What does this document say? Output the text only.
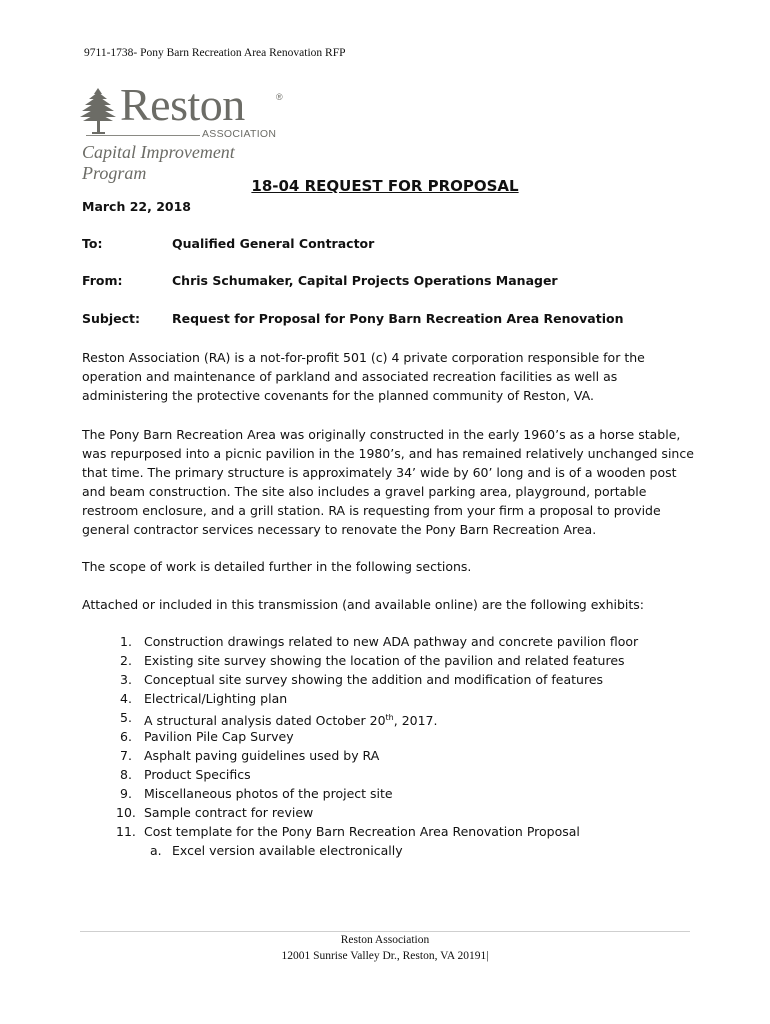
9711-1738- Pony Barn Recreation Area Renovation RFP
Reston	®
ASSOCIATION
Capital Improvement Program
18-04 REQUEST FOR PROPOSAL
March 22, 2018
To:	Qualified General Contractor
From:	Chris Schumaker, Capital Projects Operations Manager
Subject:	Request for Proposal for Pony Barn Recreation Area Renovation
Reston Association (RA) is a not-for-profit 501 (c) 4 private corporation responsible for the operation and maintenance of parkland and associated recreation facilities as well as administering the protective covenants for the planned community of Reston, VA.
The Pony Barn Recreation Area was originally constructed in the early 1960’s as a horse stable, was repurposed into a picnic pavilion in the 1980’s, and has remained relatively unchanged since that time. The primary structure is approximately 34’ wide by 60’ long and is of a wooden post and beam construction. The site also includes a gravel parking area, playground, portable restroom enclosure, and a grill station. RA is requesting from your firm a proposal to provide general contractor services necessary to renovate the Pony Barn Recreation Area.
The scope of work is detailed further in the following sections.
Attached or included in this transmission (and available online) are the following exhibits:
1. Construction drawings related to new ADA pathway and concrete pavilion floor
2. Existing site survey showing the location of the pavilion and related features
3. Conceptual site survey showing the addition and modification of features
4. Electrical/Lighting plan
5. A structural analysis dated October 20th, 2017.
6. Pavilion Pile Cap Survey
7. Asphalt paving guidelines used by RA
8. Product Specifics
9. Miscellaneous photos of the project site
10. Sample contract for review
11. Cost template for the Pony Barn Recreation Area Renovation Proposal
a. Excel version available electronically
Reston Association
12001 Sunrise Valley Dr., Reston, VA 20191|
